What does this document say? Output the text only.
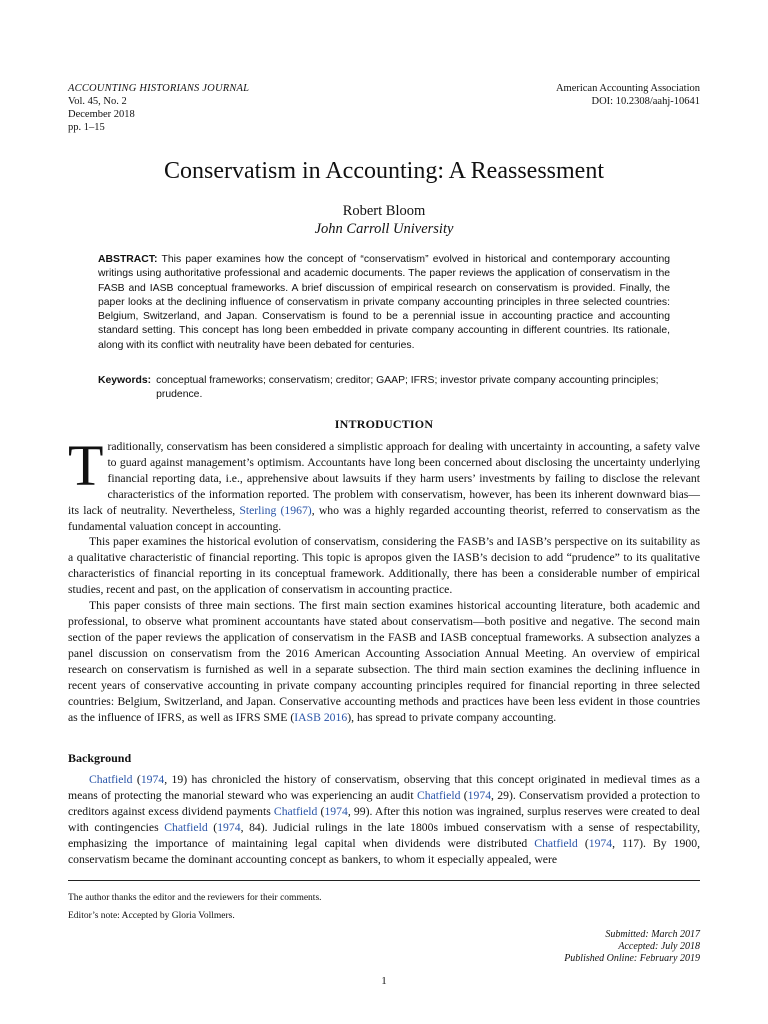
ACCOUNTING HISTORIANS JOURNAL
Vol. 45, No. 2
December 2018
pp. 1–15
American Accounting Association
DOI: 10.2308/aahj-10641
Conservatism in Accounting: A Reassessment
Robert Bloom
John Carroll University

ABSTRACT: This paper examines how the concept of “conservatism” evolved in historical and contemporary accounting writings using authoritative professional and academic documents. The paper reviews the application of conservatism in the FASB and IASB conceptual frameworks. A brief discussion of empirical research on conservatism is provided. Finally, the paper looks at the declining influence of conservatism in private company accounting principles in three selected countries: Belgium, Switzerland, and Japan. Conservatism is found to be a perennial issue in accounting practice and accounting standard setting. This concept has long been embedded in private company accounting in different countries. Its rationale, along with its conflict with neutrality have been debated for centuries.

Keywords: conceptual frameworks; conservatism; creditor; GAAP; IFRS; investor private company accounting principles; prudence.
INTRODUCTION

Traditionally, conservatism has been considered a simplistic approach for dealing with uncertainty in accounting, a safety valve to guard against management’s optimism. Accountants have long been concerned about disclosing the uncertainty underlying financial reporting data, i.e., apprehensive about lawsuits if they harm users’ investments by failing to disclose the relevant characteristics of the information reported. The problem with conservatism, however, has been its inherent downward bias—its lack of neutrality. Nevertheless, Sterling (1967), who was a highly regarded accounting theorist, referred to conservatism as the fundamental valuation concept in accounting.

This paper examines the historical evolution of conservatism, considering the FASB’s and IASB’s perspective on its suitability as a qualitative characteristic of financial reporting. This topic is apropos given the IASB’s decision to add “prudence” to its qualitative characteristics of financial reporting in its conceptual framework. Additionally, there has been a considerable number of empirical studies, recent and past, on the application of conservatism in accounting practice.

This paper consists of three main sections. The first main section examines historical accounting literature, both academic and professional, to observe what prominent accountants have stated about conservatism—both positive and negative. The second main section of the paper reviews the application of conservatism in the FASB and IASB conceptual frameworks. A subsection analyzes a panel discussion on conservatism from the 2016 American Accounting Association Annual Meeting. An overview of empirical research on conservatism is furnished as well in a separate subsection. The third main section examines the declining influence in recent years of conservative accounting in private company accounting principles required for financial reporting in three selected countries: Belgium, Switzerland, and Japan. Conservative accounting methods and practices have been less evident in those countries as the influence of IFRS, as well as IFRS SME (IASB 2016), has spread to private company accounting.

Background

Chatfield (1974, 19) has chronicled the history of conservatism, observing that this concept originated in medieval times as a means of protecting the manorial steward who was experiencing an audit Chatfield (1974, 29). Conservatism provided a protection to creditors against excess dividend payments Chatfield (1974, 99). After this notion was ingrained, surplus reserves were created to deal with contingencies Chatfield (1974, 84). Judicial rulings in the late 1800s imbued conservatism with a sense of respectability, emphasizing the importance of maintaining legal capital when dividends were distributed Chatfield (1974, 117). By 1900, conservatism became the dominant accounting concept as bankers, to whom it especially appealed, were

The author thanks the editor and the reviewers for their comments.
Editor’s note: Accepted by Gloria Vollmers.
Submitted: March 2017
Accepted: July 2018
Published Online: February 2019
1
